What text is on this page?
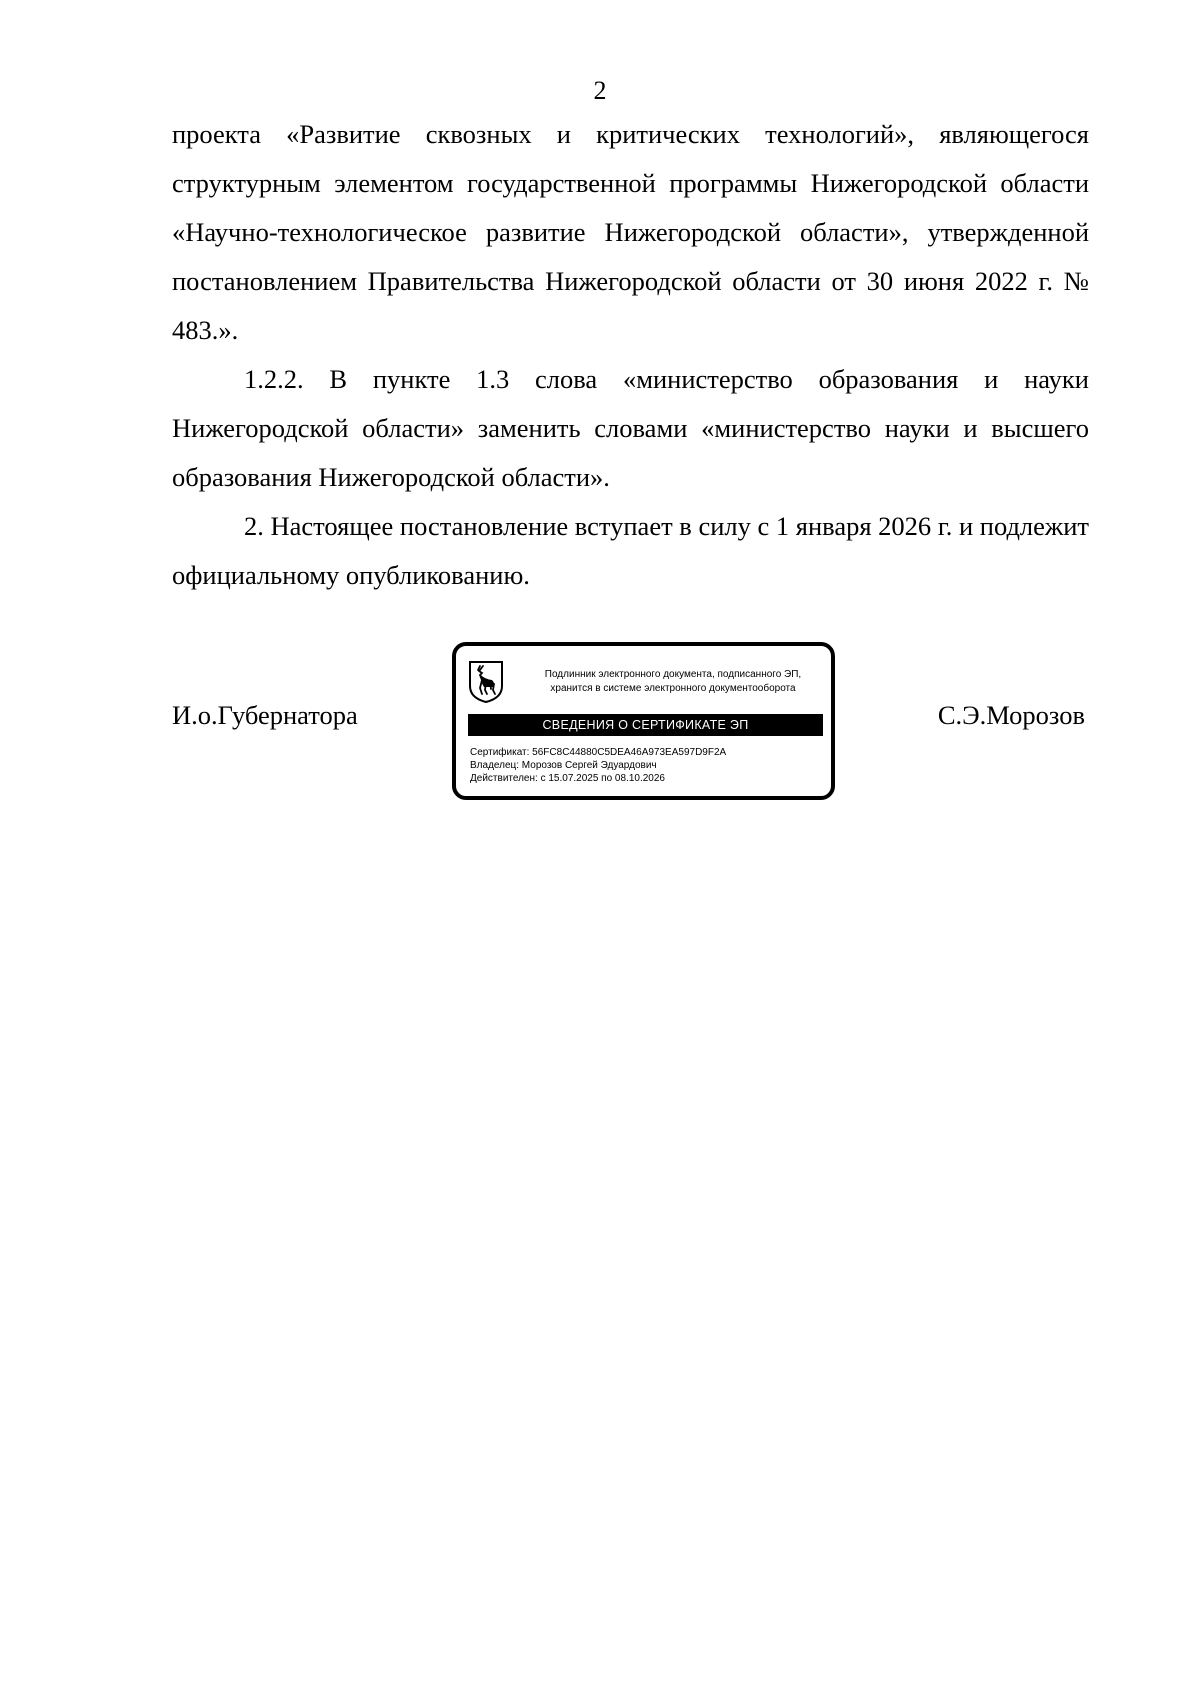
2

проекта «Развитие сквозных и критических технологий», являющегося структурным элементом государственной программы Нижегородской области «Научно-технологическое развитие Нижегородской области», утвержденной постановлением Правительства Нижегородской области от 30 июня 2022 г. № 483.».

1.2.2. В пункте 1.3 слова «министерство образования и науки Нижегородской области» заменить словами «министерство науки и высшего образования Нижегородской области».

2. Настоящее постановление вступает в силу с 1 января 2026 г. и подлежит официальному опубликованию.

И.о.Губернатора
Подлинник электронного документа, подписанного ЭП,
хранится в системе электронного документооборота
СВЕДЕНИЯ О СЕРТИФИКАТЕ ЭП
Сертификат: 56FC8C44880C5DEA46A973EA597D9F2A
Владелец: Морозов Сергей Эдуардович
Действителен: с 15.07.2025 по 08.10.2026
С.Э.Морозов
